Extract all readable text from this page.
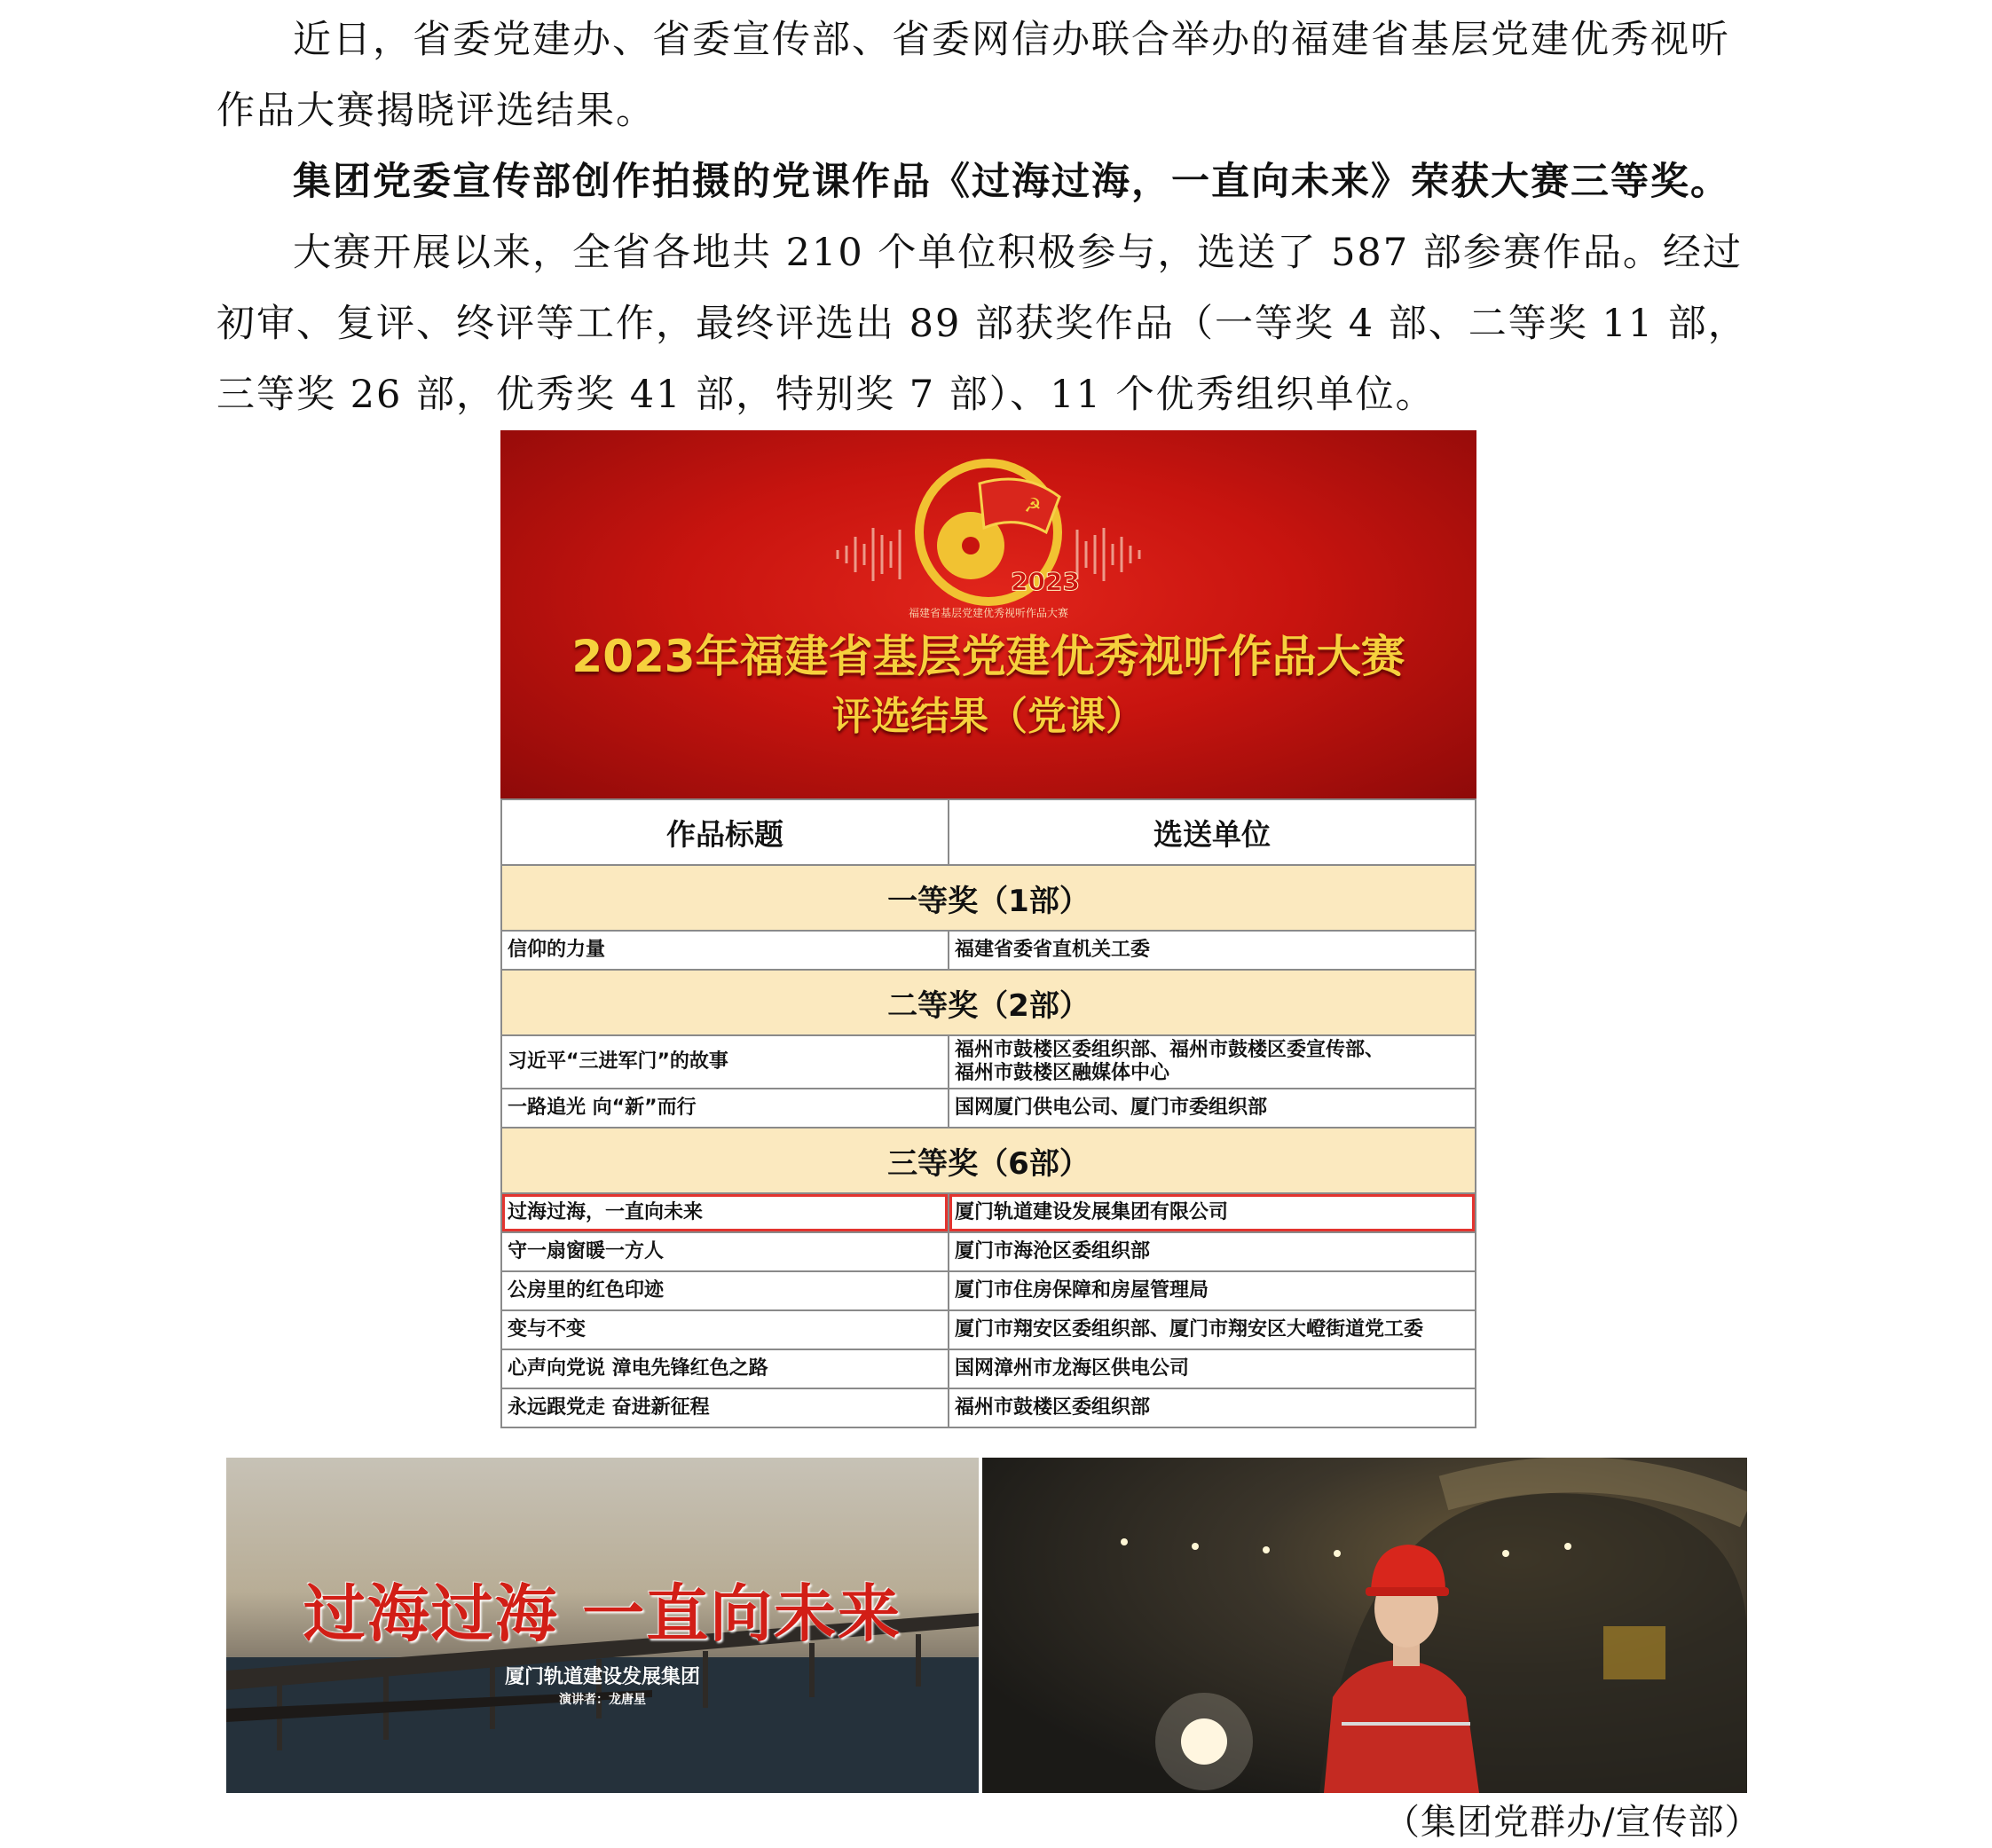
近日，省委党建办、省委宣传部、省委网信办联合举办的福建省基层党建优秀视听作品大赛揭晓评选结果。

集团党委宣传部创作拍摄的党课作品《过海过海，一直向未来》荣获大赛三等奖。

大赛开展以来，全省各地共 210 个单位积极参与，选送了 587 部参赛作品。经过初审、复评、终评等工作，最终评选出 89 部获奖作品（一等奖 4 部、二等奖 11 部，三等奖 26 部，优秀奖 41 部，特别奖 7 部）、11 个优秀组织单位。

☭
2023
福建省基层党建优秀视听作品大赛
2023年福建省基层党建优秀视听作品大赛
评选结果（党课）
作品标题	选送单位
一等奖（1部）	
信仰的力量	福建省委省直机关工委
二等奖（2部）	
习近平“三进军门”的故事	福州市鼓楼区委组织部、福州市鼓楼区委宣传部、
福州市鼓楼区融媒体中心

一路追光 向“新”而行	国网厦门供电公司、厦门市委组织部
三等奖（6部）	
过海过海，一直向未来	厦门轨道建设发展集团有限公司
守一扇窗暖一方人	厦门市海沧区委组织部
公房里的红色印迹	厦门市住房保障和房屋管理局
变与不变	厦门市翔安区委组织部、厦门市翔安区大嶝街道党工委
心声向党说 漳电先锋红色之路	国网漳州市龙海区供电公司
永远跟党走 奋进新征程	福州市鼓楼区委组织部
过海过海 一直向未来
厦门轨道建设发展集团
演讲者：龙唐星
（集团党群办/宣传部）
